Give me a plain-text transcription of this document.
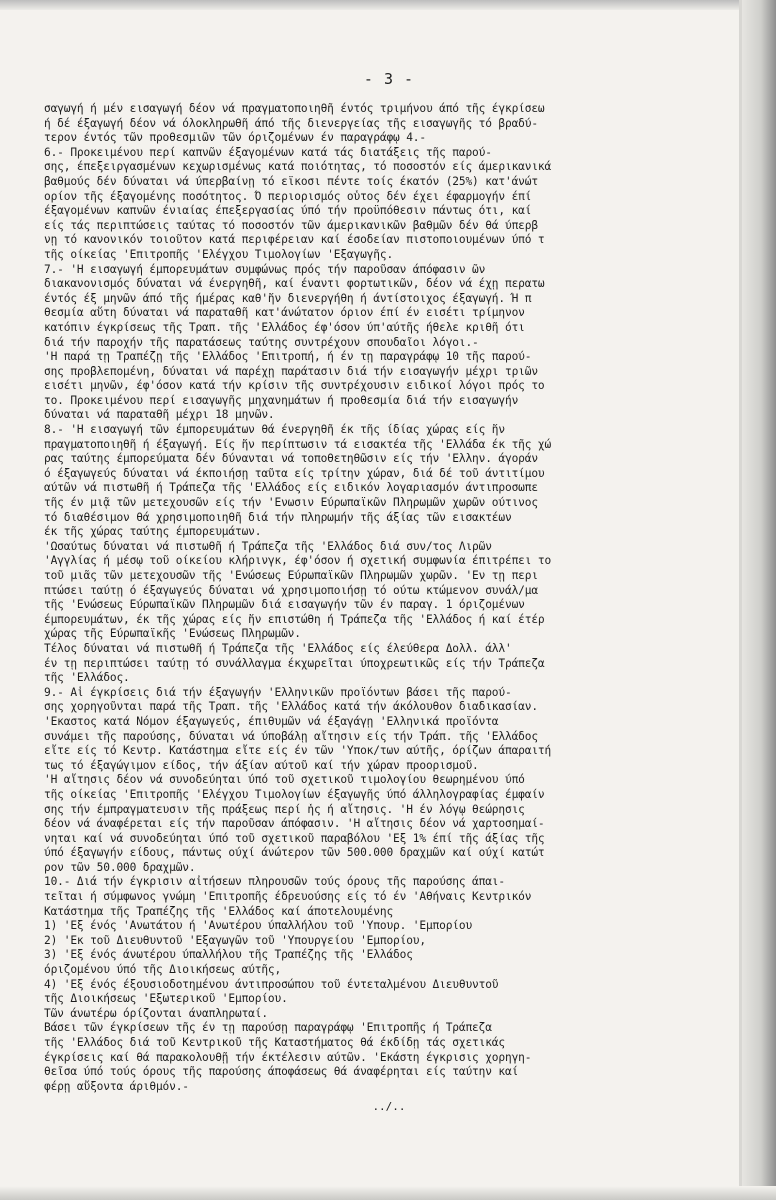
- 3 -
σαγωγή ή μέν εισαγωγή δέον νά πραγματοποιηθῆ έντός τριμήνου άπό τῆς έγκρίσεω
ή δέ έξαγωγή δέον νά όλοκληρωθῆ άπό τῆς διενεργείας τῆς εισαγωγῆς τό βραδύ-
τερον έντός τῶν προθεσμιῶν τῶν όριζομένων έν παραγράφῳ 4.-
6.- Προκειμένου περί καπνῶν έξαγομένων κατά τάς διατάξεις τῆς παρού-
σης, έπεξειργασμένων κεχωρισμένως κατά ποιότητας, τό ποσοστόν είς άμερικανικά
βαθμούς δέν δύναται νά ύπερβαίνῃ τό εϊκοσι πέντε τοίς έκατόν (25%) κατ'άνώτ
ορίον τῆς έξαγομένης ποσότητος. Ό περιορισμός οὗτος δέν έχει έφαρμογήν έπί
έξαγομένων καπνῶν ένιαίας έπεξεργασίας ύπό τήν προϋπόθεσιν πάντως ότι, καί
είς τάς περιπτώσεις ταύτας τό ποσοστόν τῶν άμερικανικῶν βαθμῶν δέν θά ύπερβ
νῃ τό κανονικόν τοιοῦτον κατά περιφέρειαν καί έσοδείαν πιστοποιουμένων ύπό τ
τῆς οίκείας 'Επιτροπῆς 'Ελέγχου Τιμολογίων 'Εξαγωγῆς.
7.- 'Η εισαγωγή έμπορευμάτων συμφώνως πρός τήν παροῦσαν άπόφασιν ῶν
διακανονισμός δύναται νά ένεργηθῆ, καί έναντι φορτωτικῶν, δέον νά έχῃ περατω
έντός έξ μηνῶν άπό τῆς ήμέρας καθ'ἥν διενεργήθη ή άντίστοιχος έξαγωγή. Ή π
θεσμία αὕτη δύναται νά παραταθῆ κατ'άνώτατον όριον έπί έν εισέτι τρίμηνον
κατόπιν έγκρίσεως τῆς Τραπ. τῆς 'Ελλάδος έφ'όσον ύπ'αύτῆς ήθελε κριθῆ ότι
διά τήν παροχήν τῆς παρατάσεως ταύτης συντρέχουν σπουδαῖοι λόγοι.-
'Η παρά τῃ Τραπέζῃ τῆς 'Ελλάδος 'Επιτροπή, ή έν τῃ παραγράφῳ 10 τῆς παρού-
σης προβλεπομένη, δύναται νά παρέχῃ παράτασιν διά τήν εισαγωγήν μέχρι τριῶν
εισέτι μηνῶν, έφ'όσον κατά τήν κρίσιν τῆς συντρέχουσιν ειδικοί λόγοι πρός το
το. Προκειμένου περί εισαγωγῆς μηχανημάτων ή προθεσμία διά τήν εισαγωγήν
δύναται νά παραταθῆ μέχρι 18 μηνῶν.
8.- 'Η εισαγωγή τῶν έμπορευμάτων θά ένεργηθῆ έκ τῆς ίδίας χώρας είς ἥν
πραγματοποιηθῆ ή έξαγωγή. Είς ἥν περίπτωσιν τά εισακτέα τῆς 'Ελλάδα έκ τῆς χώ
ρας ταύτης έμπορεύματα δέν δύνανται νά τοποθετηθῶσιν είς τήν 'Ελλην. άγοράν
ό έξαγωγεύς δύναται νά έκποιήσῃ ταῦτα είς τρίτην χώραν, διά δέ τοῦ άντιτίμου
αύτῶν νά πιστωθῆ ή Τράπεζα τῆς 'Ελλάδος είς ειδικόν λογαριασμόν άντιπροσωπε
τῆς έν μιᾷ τῶν μετεχουσῶν είς τήν 'Ενωσιν Εύρωπαϊκῶν Πληρωμῶν χωρῶν ούτινος
τό διαθέσιμον θά χρησιμοποιηθῆ διά τήν πληρωμήν τῆς άξίας τῶν εισακτέων
έκ τῆς χώρας ταύτης έμπορευμάτων.
'Ωσαύτως δύναται νά πιστωθῆ ή Τράπεζα τῆς 'Ελλάδος διά συν/τος Λιρῶν
'Αγγλίας ή μέσῳ τοῦ οίκείου κλήρινγκ, έφ'όσον ή σχετική συμφωνία έπιτρέπει το
τοῦ μιᾶς τῶν μετεχουσῶν τῆς 'Ενώσεως Εύρωπαϊκῶν Πληρωμῶν χωρῶν. 'Εν τῃ περι
πτώσει ταύτῃ ό έξαγωγεύς δύναται νά χρησιμοποιήσῃ τό ούτω κτώμενον συνάλ/μα
τῆς 'Ενώσεως Εύρωπαϊκῶν Πληρωμῶν διά εισαγωγήν τῶν έν παραγ. 1 όριζομένων
έμπορευμάτων, έκ τῆς χώρας είς ἥν επιστώθη ή Τράπεζα τῆς 'Ελλάδος ή καί έτέρ
χώρας τῆς Εύρωπαϊκῆς 'Ενώσεως Πληρωμῶν.
Τέλος δύναται νά πιστωθῆ ή Τράπεζα τῆς 'Ελλάδος είς έλεύθερα Δολλ. άλλ'
έν τῃ περιπτώσει ταύτῃ τό συνάλλαγμα έκχωρεῖται ύποχρεωτικῶς είς τήν Τράπεζα
τῆς 'Ελλάδος.
9.- Αἱ έγκρίσεις διά τήν έξαγωγήν 'Ελληνικῶν προϊόντων βάσει τῆς παρού-
σης χορηγοῦνται παρά τῆς Τραπ. τῆς 'Ελλάδος κατά τήν άκόλουθον διαδικασίαν.
'Εκαστος κατά Νόμον έξαγωγεύς, έπιθυμῶν νά έξαγάγῃ 'Ελληνικά προϊόντα
συνάμει τῆς παρούσης, δύναται νά ύποβάλῃ αἴτησιν είς τήν Τράπ. τῆς 'Ελλάδος
εἴτε είς τό Κεντρ. Κατάστημα εἴτε είς έν τῶν 'Υποκ/των αύτῆς, όρίζων άπαραιτή
τως τό έξαγώγιμον είδος, τήν άξίαν αύτοῦ καί τήν χώραν προορισμοῦ.
'Η αἴτησις δέον νά συνοδεύηται ύπό τοῦ σχετικοῦ τιμολογίου θεωρημένου ύπό
τῆς οίκείας 'Επιτροπῆς 'Ελέγχου Τιμολογίων έξαγωγῆς ύπό άλληλογραφίας έμφαίν
σης τήν έμπραγματευσιν τῆς πράξεως περί ἧς ή αἴτησις. 'Η έν λόγῳ θεώρησις
δέον νά άναφέρεται είς τήν παροῦσαν άπόφασιν. 'Η αἴτησις δέον νά χαρτοσημαί-
νηται καί νά συνοδεύηται ύπό τοῦ σχετικοῦ παραβόλου 'Εξ 1% έπί τῆς άξίας τῆς
ύπό έξαγωγήν είδους, πάντως ούχί άνώτερον τῶν 500.000 δραχμῶν καί ούχί κατώτ
ρον τῶν 50.000 δραχμῶν.
10.- Διά τήν έγκρισιν αἰτήσεων πληρουσῶν τούς όρους τῆς παρούσης άπαι-
τεῖται ή σύμφωνος γνώμη 'Επιτροπῆς έδρευούσης είς τό έν 'Αθήναις Κεντρικόν
Κατάστημα τῆς Τραπέζης τῆς 'Ελλάδος καί άποτελουμένης
1) 'Εξ ένός 'Ανωτάτου ή 'Ανωτέρου ύπαλλήλου τοῦ 'Υπουρ. 'Εμπορίου
2) 'Εκ τοῦ Διευθυντοῦ 'Εξαγωγῶν τοῦ 'Υπουργείου 'Εμπορίου,
3) 'Εξ ένός άνωτέρου ύπαλλήλου τῆς Τραπέζης τῆς 'Ελλάδος
όριζομένου ύπό τῆς Διοικήσεως αύτῆς,
4) 'Εξ ένός έξουσιοδοτημένου άντιπροσώπου τοῦ έντεταλμένου Διευθυντοῦ
τῆς Διοικήσεως 'Εξωτερικοῦ 'Εμπορίου.
Τῶν άνωτέρω όρίζονται άναπληρωταί.
Βάσει τῶν έγκρίσεων τῆς έν τῃ παρούσῃ παραγράφῳ 'Επιτροπῆς ή Τράπεζα
τῆς 'Ελλάδος διά τοῦ Κεντρικοῦ τῆς Καταστήματος θά έκδίδῃ τάς σχετικάς
έγκρίσεις καί θά παρακολουθῇ τήν έκτέλεσιν αύτῶν. 'Εκάστη έγκρισις χορηγη-
θεῖσα ύπό τούς όρους τῆς παρούσης άποφάσεως θά άναφέρηται είς ταύτην καί
φέρῃ αὔξοντα άριθμόν.-
../..
